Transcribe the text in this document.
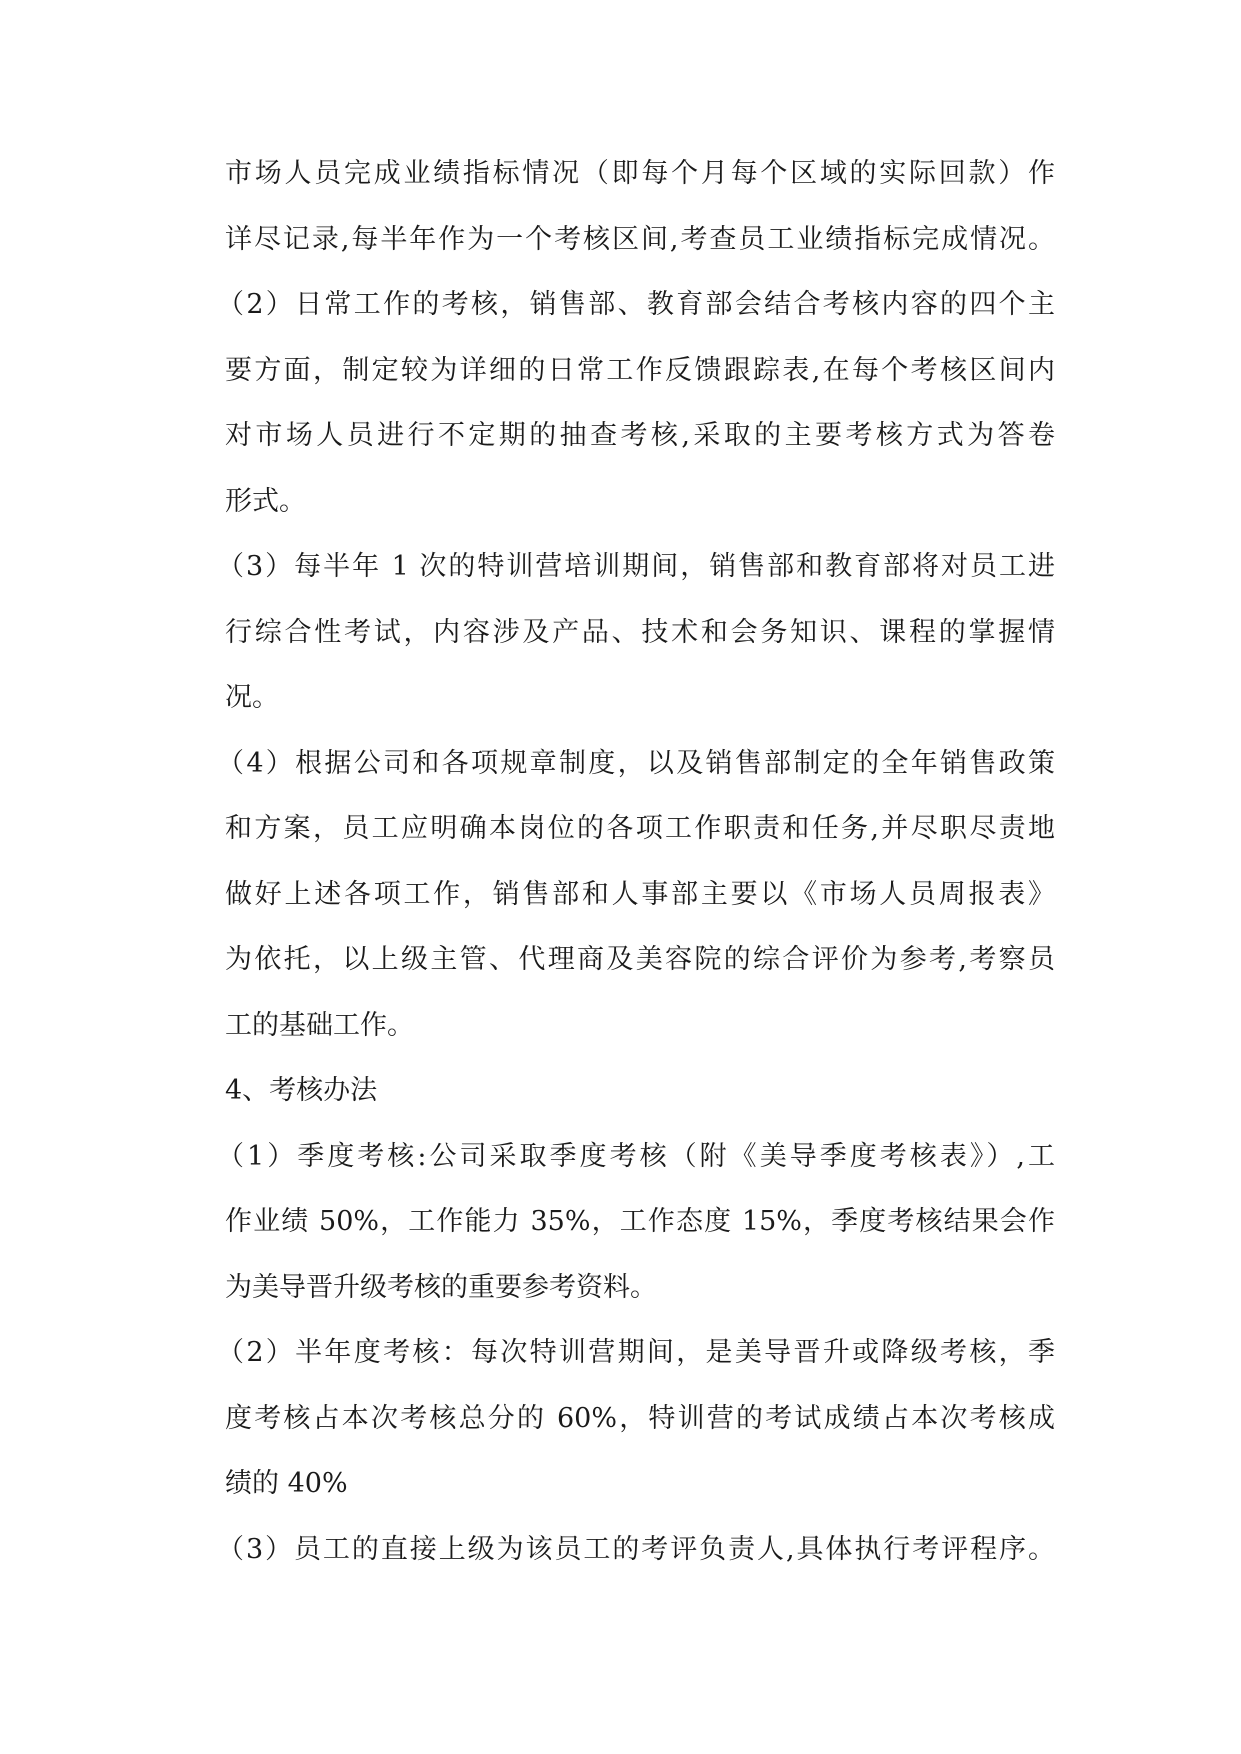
市场人员完成业绩指标情况（即每个月每个区域的实际回款）作
详尽记录,每半年作为一个考核区间,考查员工业绩指标完成情况。
（2）日常工作的考核，销售部、教育部会结合考核内容的四个主
要方面，制定较为详细的日常工作反馈跟踪表,在每个考核区间内
对市场人员进行不定期的抽查考核,采取的主要考核方式为答卷
形式。
（3）每半年 1 次的特训营培训期间，销售部和教育部将对员工进
行综合性考试，内容涉及产品、技术和会务知识、课程的掌握情
况。
（4）根据公司和各项规章制度，以及销售部制定的全年销售政策
和方案，员工应明确本岗位的各项工作职责和任务,并尽职尽责地
做好上述各项工作，销售部和人事部主要以《市场人员周报表》
为依托，以上级主管、代理商及美容院的综合评价为参考,考察员
工的基础工作。
4、考核办法
（1）季度考核:公司采取季度考核（附《美导季度考核表》）,工
作业绩 50%，工作能力 35%，工作态度 15%，季度考核结果会作
为美导晋升级考核的重要参考资料。
（2）半年度考核：每次特训营期间，是美导晋升或降级考核，季
度考核占本次考核总分的 60%，特训营的考试成绩占本次考核成
绩的 40%
（3）员工的直接上级为该员工的考评负责人,具体执行考评程序。
